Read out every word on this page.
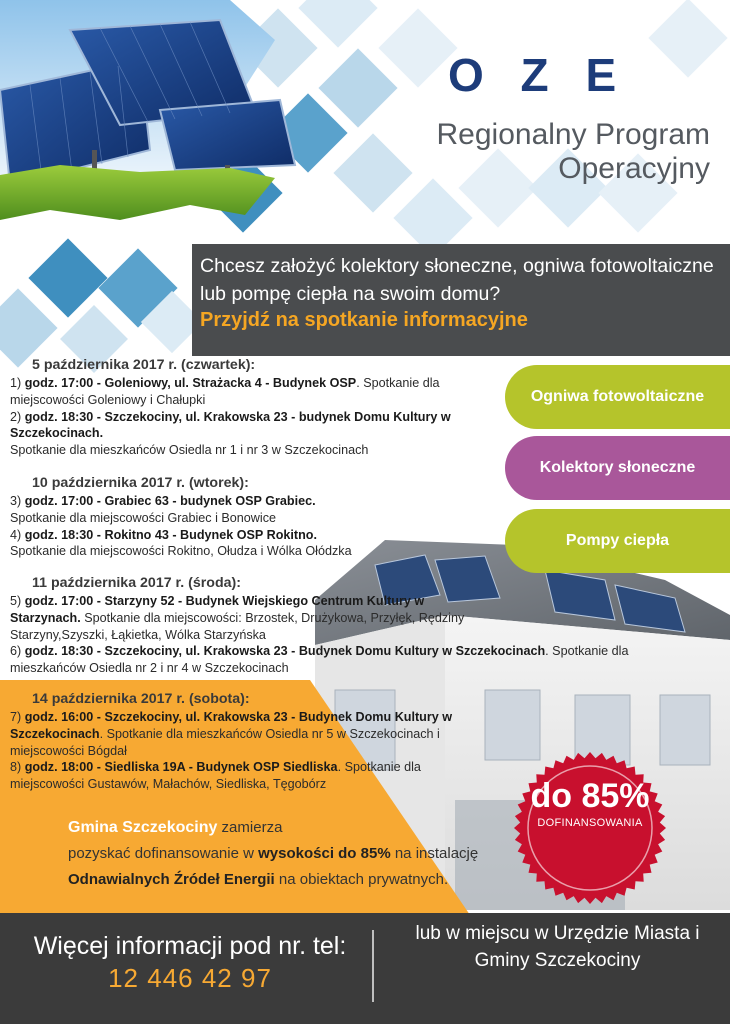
O Z E
Regionalny Program Operacyjny
Chcesz założyć kolektory słoneczne, ogniwa fotowoltaiczne lub pompę ciepła na swoim domu?
Przyjdź na spotkanie informacyjne
5 października 2017 r. (czwartek):
1) godz. 17:00 - Goleniowy, ul. Strażacka 4 - Budynek OSP. Spotkanie dla miejscowości Goleniowy i Chałupki
2) godz. 18:30 - Szczekociny, ul. Krakowska 23 - budynek Domu Kultury w Szczekocinach.
Spotkanie dla mieszkańców Osiedla nr 1 i nr 3 w Szczekocinach
10 października 2017 r. (wtorek):
3) godz. 17:00 - Grabiec 63 - budynek OSP Grabiec.
Spotkanie dla miejscowości Grabiec i Bonowice
4) godz. 18:30 - Rokitno 43 - Budynek OSP Rokitno.
Spotkanie dla miejscowości Rokitno, Ołudza i Wólka Ołódzka
11 października 2017 r. (środa):
5) godz. 17:00 - Starzyny 52 - Budynek Wiejskiego Centrum Kultury w Starzynach. Spotkanie dla miejscowości: Brzostek, Drużykowa, Przyłęk, Rędziny Starzyny,Szyszki, Łąkietka, Wólka Starzyńska
6) godz. 18:30 - Szczekociny, ul. Krakowska 23 - Budynek Domu Kultury w Szczekocinach. Spotkanie dla mieszkańców Osiedla nr 2 i nr 4 w Szczekocinach
14 października 2017 r. (sobota):
7) godz. 16:00 - Szczekociny, ul. Krakowska 23 - Budynek Domu Kultury w Szczekocinach. Spotkanie dla mieszkańców Osiedla nr 5 w Szczekocinach i miejscowości Bógdał
8) godz. 18:00 - Siedliska 19A - Budynek OSP Siedliska. Spotkanie dla miejscowości Gustawów, Małachów, Siedliska, Tęgobórz
Ogniwa fotowoltaiczne
Kolektory słoneczne
Pompy ciepła
do 85%
DOFINANSOWANIA
Gmina Szczekociny zamierza
pozyskać dofinansowanie w wysokości do 85% na instalację
Odnawialnych Źródeł Energii na obiektach prywatnych.
Więcej informacji pod nr. tel:
12 446 42 97
lub w miejscu w Urzędzie Miasta i Gminy Szczekociny
